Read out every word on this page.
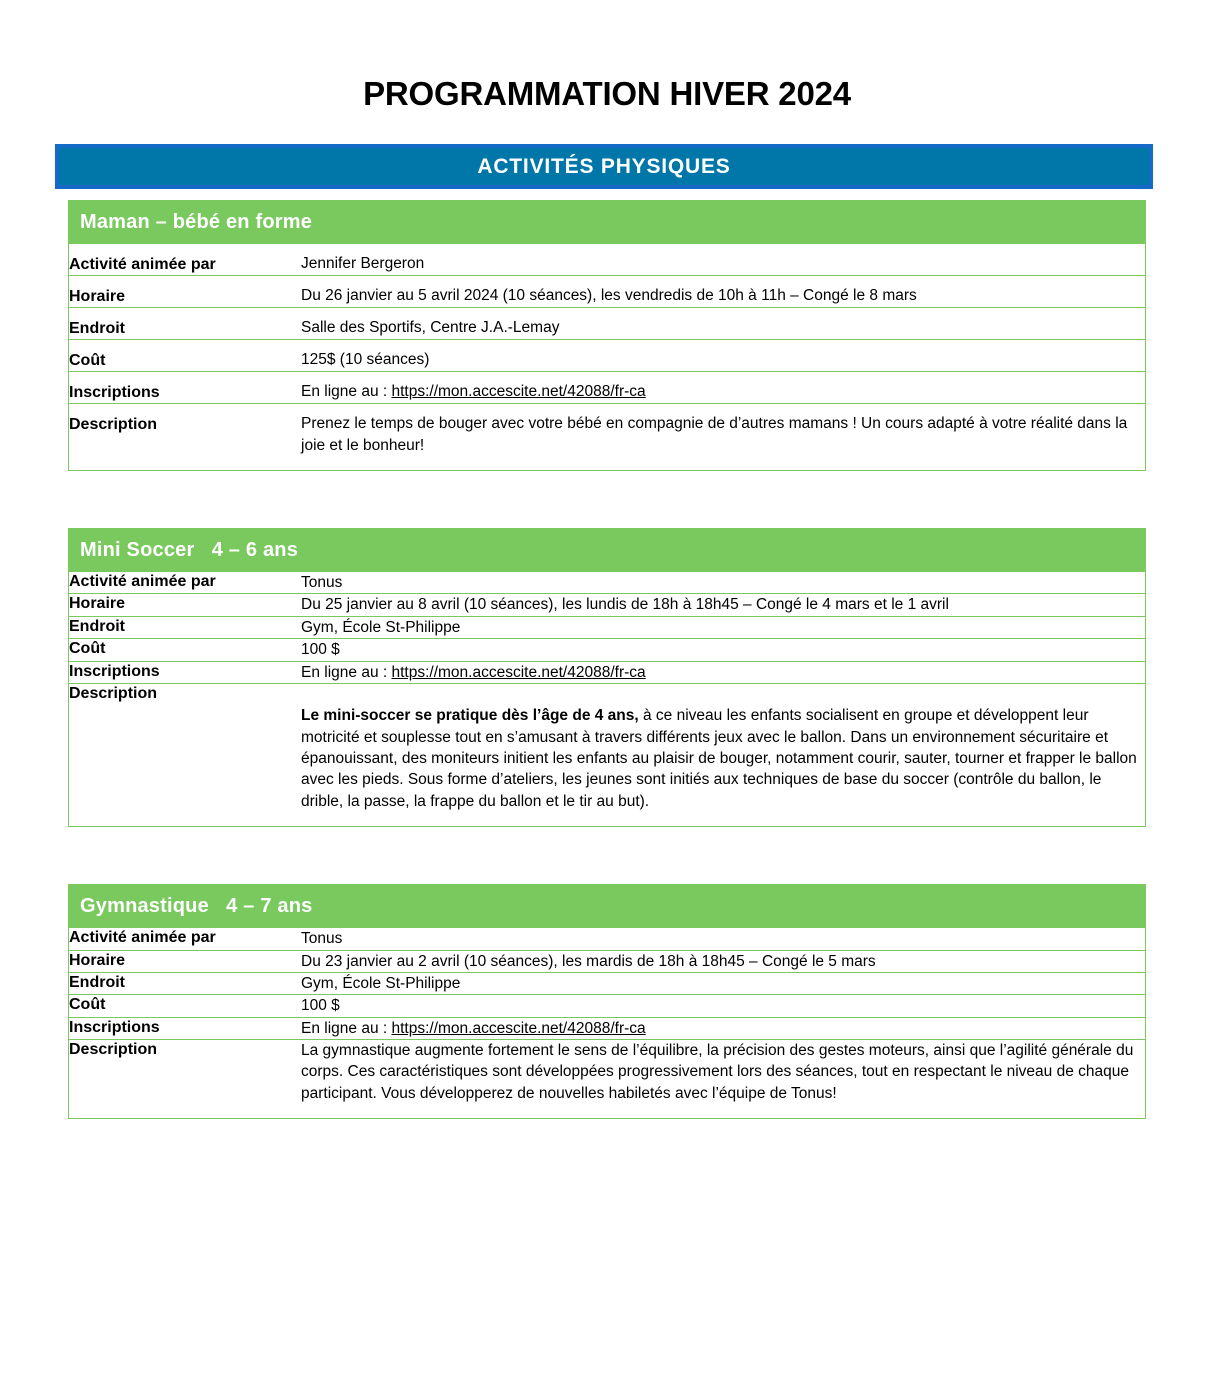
PROGRAMMATION HIVER 2024
ACTIVITÉS PHYSIQUES
Maman – bébé en forme
Activité animée par	Jennifer Bergeron
Horaire	Du 26 janvier au 5 avril 2024 (10 séances), les vendredis de 10h à 11h – Congé le 8 mars
Endroit	Salle des Sportifs, Centre J.A.-Lemay
Coût	125$ (10 séances)
Inscriptions	En ligne au : https://mon.accescite.net/42088/fr-ca
Description	Prenez le temps de bouger avec votre bébé en compagnie de d’autres mamans ! Un cours adapté à votre réalité dans la joie et le bonheur!
Mini Soccer   4 – 6 ans
Activité animée par	Tonus
Horaire	Du 25 janvier au 8 avril (10 séances), les lundis de 18h à 18h45 – Congé le 4 mars et le 1 avril
Endroit	Gym, École St-Philippe
Coût	100 $
Inscriptions	En ligne au : https://mon.accescite.net/42088/fr-ca
Description	Le mini-soccer se pratique dès l’âge de 4 ans, à ce niveau les enfants socialisent en groupe et développent leur motricité et souplesse tout en s’amusant à travers différents jeux avec le ballon. Dans un environnement sécuritaire et épanouissant, des moniteurs initient les enfants au plaisir de bouger, notamment courir, sauter, tourner et frapper le ballon avec les pieds. Sous forme d’ateliers, les jeunes sont initiés aux techniques de base du soccer (contrôle du ballon, le drible, la passe, la frappe du ballon et le tir au but).
Gymnastique   4 – 7 ans
Activité animée par	Tonus
Horaire	Du 23 janvier au 2 avril (10 séances), les mardis de 18h à 18h45 – Congé le 5 mars
Endroit	Gym, École St-Philippe
Coût	100 $
Inscriptions	En ligne au : https://mon.accescite.net/42088/fr-ca
Description	La gymnastique augmente fortement le sens de l’équilibre, la précision des gestes moteurs, ainsi que l’agilité générale du corps. Ces caractéristiques sont développées progressivement lors des séances, tout en respectant le niveau de chaque participant. Vous développerez de nouvelles habiletés avec l’équipe de Tonus!
